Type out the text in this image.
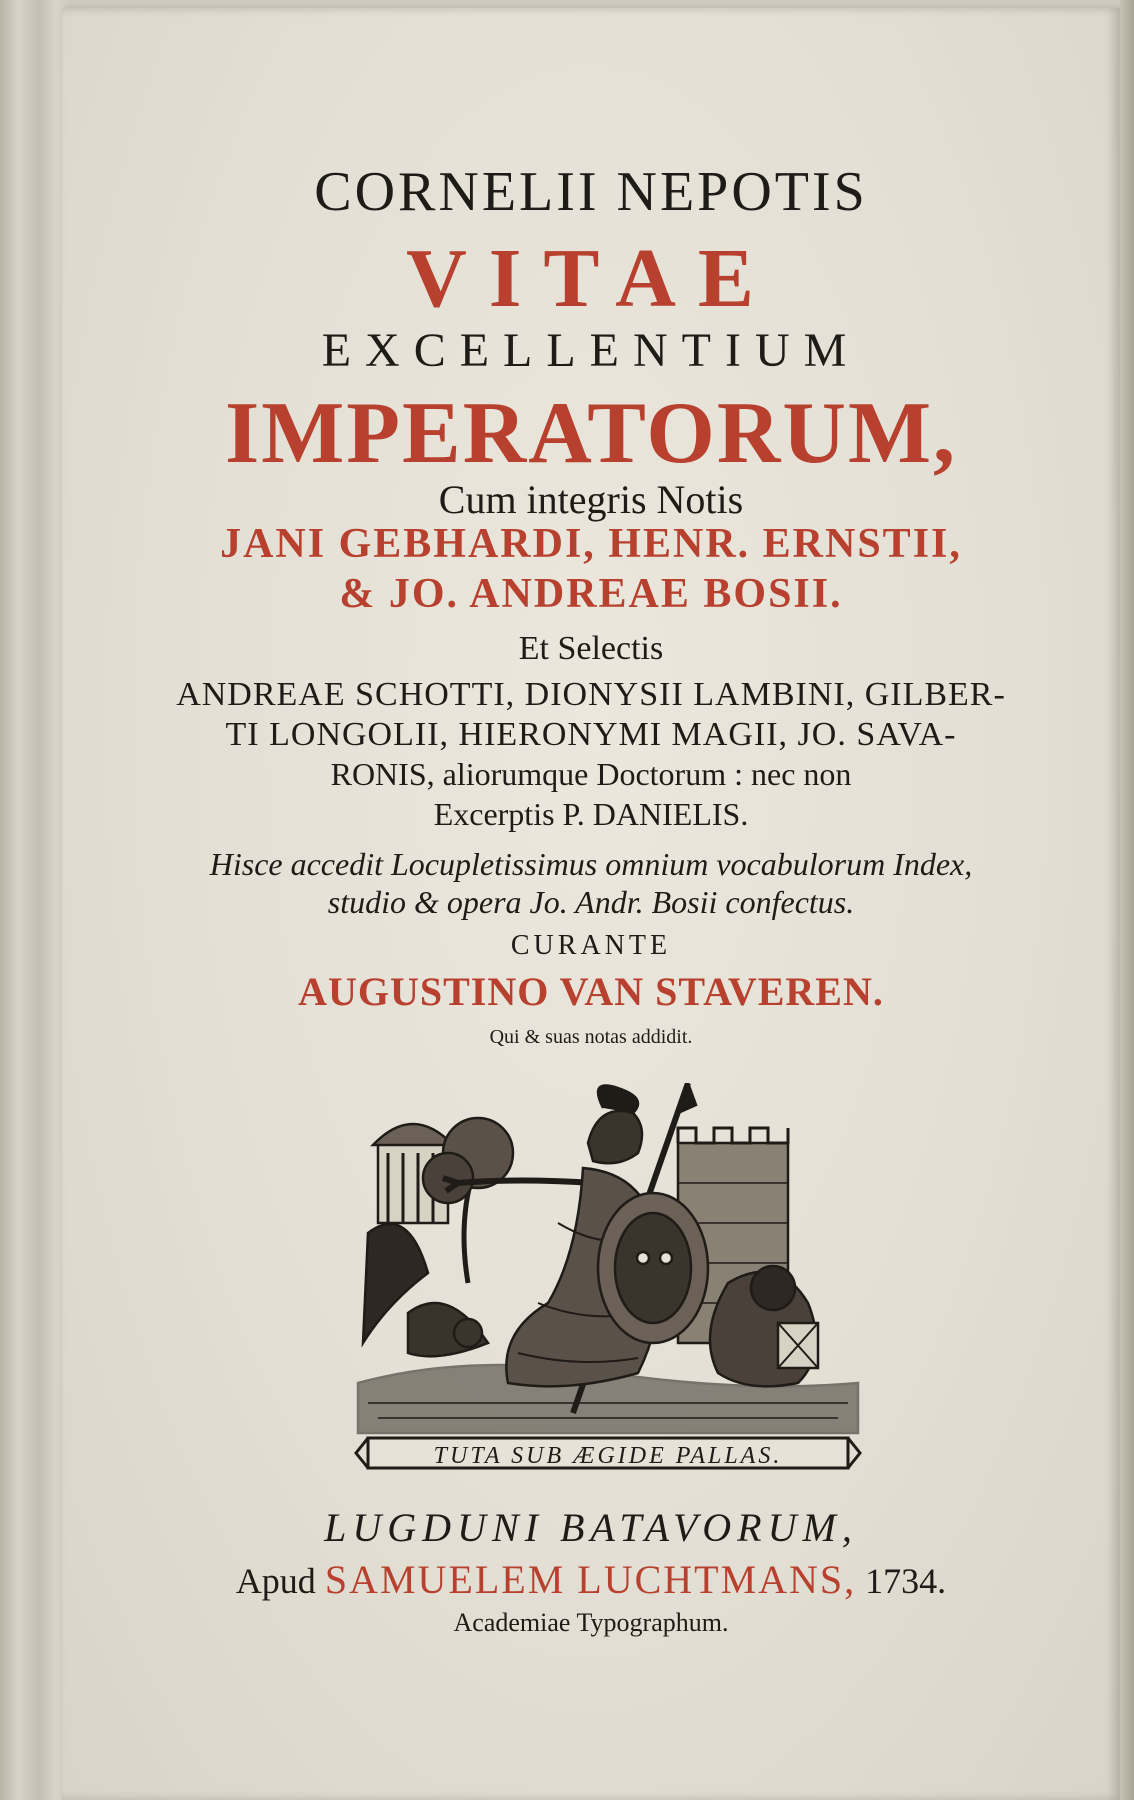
CORNELII NEPOTIS
VITAE
EXCELLENTIUM
IMPERATORUM,
Cum integris Notis
JANI GEBHARDI, HENR. ERNSTII,
& JO. ANDREAE BOSII.
Et Selectis
ANDREAE SCHOTTI, DIONYSII LAMBINI, GILBER-
TI LONGOLII, HIERONYMI MAGII, JO. SAVA-
RONIS, aliorumque Doctorum : nec non
Excerptis P. DANIELIS.
Hisce accedit Locupletissimus omnium vocabulorum Index,
studio & opera Jo. Andr. Bosii confectus.
CURANTE
AUGUSTINO VAN STAVEREN.
Qui & suas notas addidit.
TUTA SUB ÆGIDE PALLAS.
LUGDUNI BATAVORUM,
Apud SAMUELEM LUCHTMANS, 1734.
Academiae Typographum.
